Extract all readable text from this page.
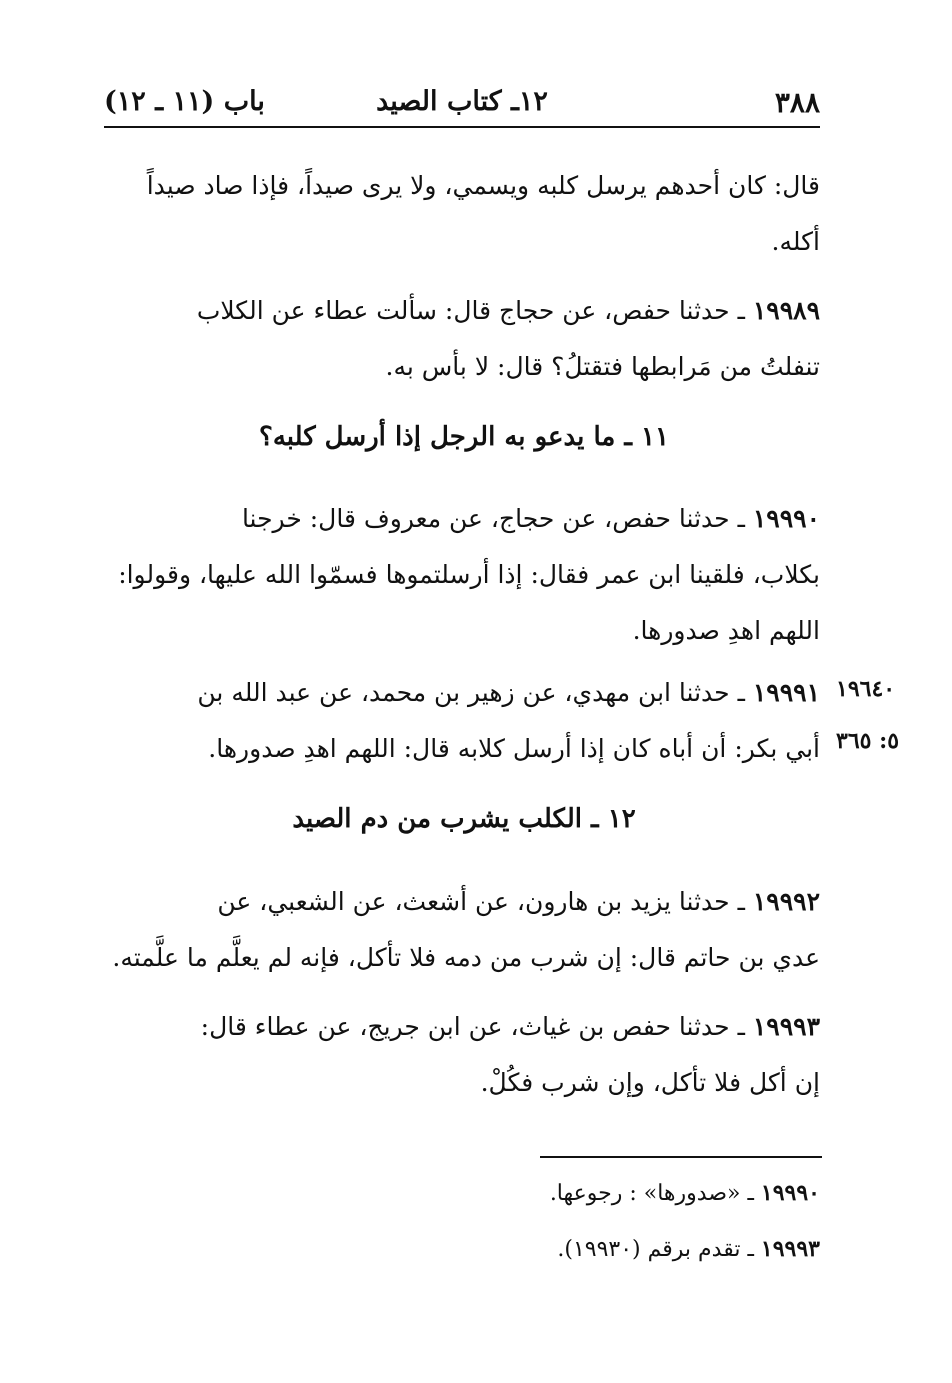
٣٨٨
١٢ـ كتاب الصيد
باب (١١ ـ ١٢)
قال: كان أحدهم يرسل كلبه ويسمي، ولا يرى صيداً، فإذا صاد صيداً
أكله.
١٩٩٨٩ ـ حدثنا حفص، عن حجاج قال: سألت عطاء عن الكلاب
تنفلتُ من مَرابطها فتقتلُ؟ قال: لا بأس به.
١١ ـ ما يدعو به الرجل إذا أرسل كلبه؟
١٩٩٩٠ ـ حدثنا حفص، عن حجاج، عن معروف قال: خرجنا
بكلاب، فلقينا ابن عمر فقال: إذا أرسلتموها فسمّوا الله عليها، وقولوا:
اللهم اهدِ صدورها.
١٩٩٩١ ـ حدثنا ابن مهدي، عن زهير بن محمد، عن عبد الله بن
أبي بكر: أن أباه كان إذا أرسل كلابه قال: اللهم اهدِ صدورها.
١٩٦٤٠
٥: ٣٦٥
١٢ ـ الكلب يشرب من دم الصيد
١٩٩٩٢ ـ حدثنا يزيد بن هارون، عن أشعث، عن الشعبي، عن
عدي بن حاتم قال: إن شرب من دمه فلا تأكل، فإنه لم يعلَّم ما علَّمته.
١٩٩٩٣ ـ حدثنا حفص بن غياث، عن ابن جريج، عن عطاء قال:
إن أكل فلا تأكل، وإن شرب فكُلْ.
١٩٩٩٠ ـ «صدورها» : رجوعها.
١٩٩٩٣ ـ تقدم برقم (١٩٩٣٠).
